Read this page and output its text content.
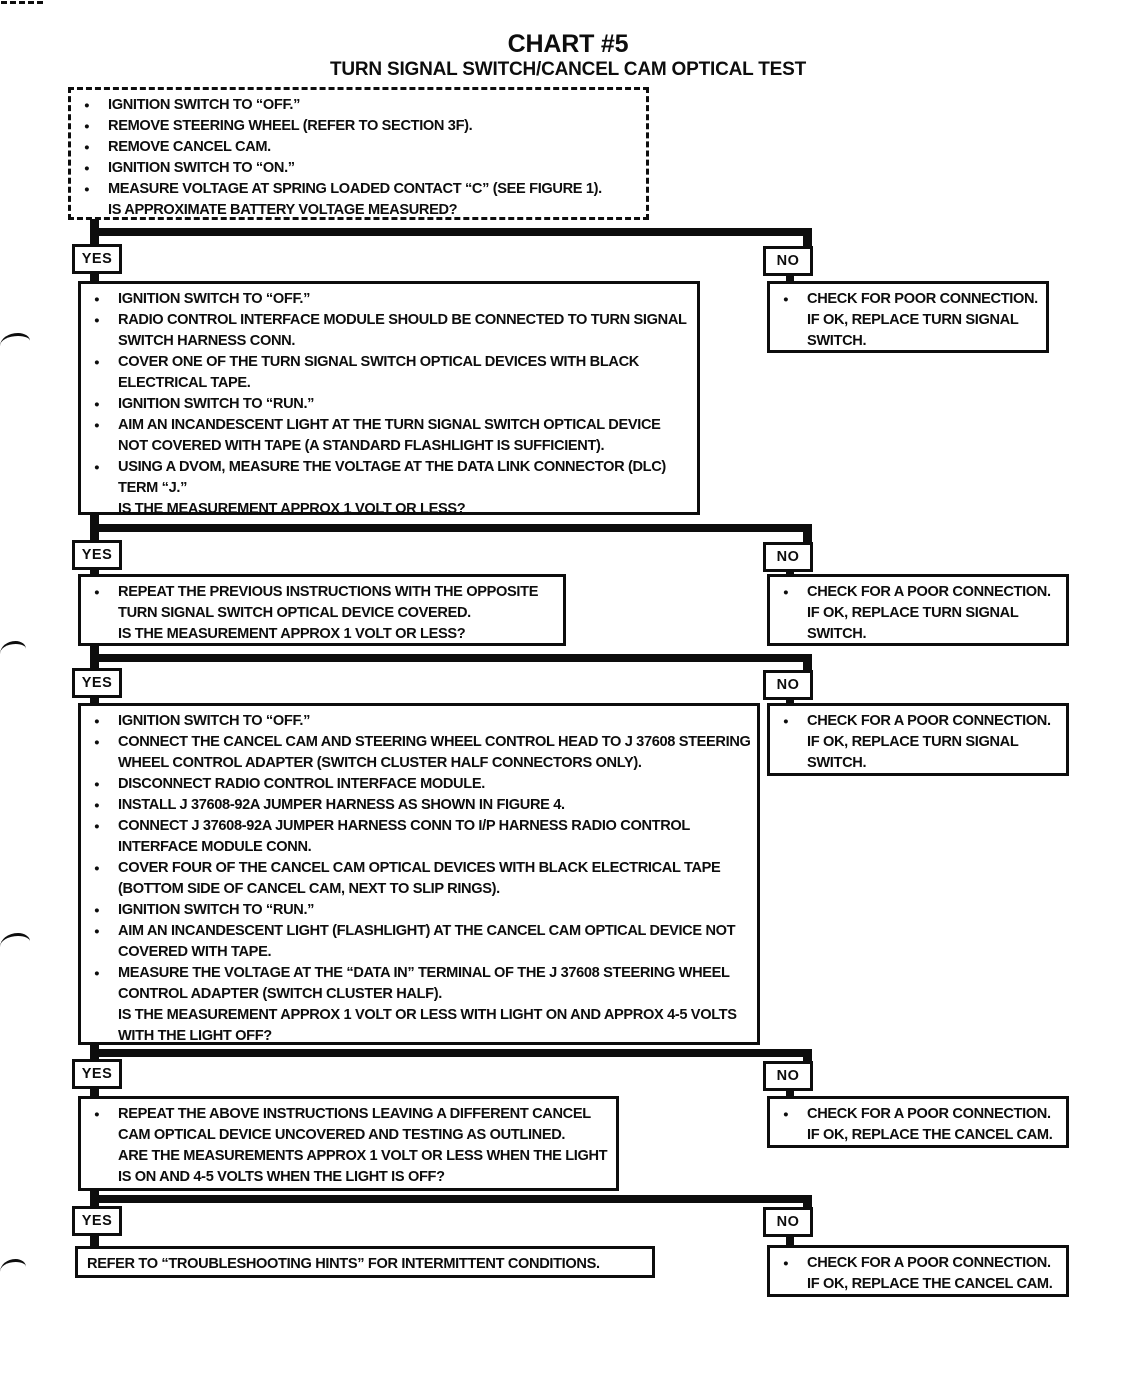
CHART #5
TURN SIGNAL SWITCH/CANCEL CAM OPTICAL TEST
●	IGNITION SWITCH TO “OFF.”
●	REMOVE STEERING WHEEL (REFER TO SECTION 3F).
●	REMOVE CANCEL CAM.
●	IGNITION SWITCH TO “ON.”
●	MEASURE VOLTAGE AT SPRING LOADED CONTACT “C” (SEE FIGURE 1).
IS APPROXIMATE BATTERY VOLTAGE MEASURED?
YES	NO
●	CHECK FOR POOR CONNECTION. IF OK, REPLACE TURN SIGNAL SWITCH.
●	IGNITION SWITCH TO “OFF.”
●	RADIO CONTROL INTERFACE MODULE SHOULD BE CONNECTED TO TURN SIGNAL SWITCH HARNESS CONN.
●	COVER ONE OF THE TURN SIGNAL SWITCH OPTICAL DEVICES WITH BLACK ELECTRICAL TAPE.
●	IGNITION SWITCH TO “RUN.”
●	AIM AN INCANDESCENT LIGHT AT THE TURN SIGNAL SWITCH OPTICAL DEVICE NOT COVERED WITH TAPE (A STANDARD FLASHLIGHT IS SUFFICIENT).
●	USING A DVOM, MEASURE THE VOLTAGE AT THE DATA LINK CONNECTOR (DLC) TERM “J.”
IS THE MEASUREMENT APPROX 1 VOLT OR LESS?
YES	NO
●	CHECK FOR A POOR CONNECTION. IF OK, REPLACE TURN SIGNAL SWITCH.
●	REPEAT THE PREVIOUS INSTRUCTIONS WITH THE OPPOSITE TURN SIGNAL SWITCH OPTICAL DEVICE COVERED.
IS THE MEASUREMENT APPROX 1 VOLT OR LESS?
YES	NO
●	CHECK FOR A POOR CONNECTION. IF OK, REPLACE TURN SIGNAL SWITCH.
●	IGNITION SWITCH TO “OFF.”
●	CONNECT THE CANCEL CAM AND STEERING WHEEL CONTROL HEAD TO J 37608 STEERING WHEEL CONTROL ADAPTER (SWITCH CLUSTER HALF CONNECTORS ONLY).
●	DISCONNECT RADIO CONTROL INTERFACE MODULE.
●	INSTALL J 37608-92A JUMPER HARNESS AS SHOWN IN FIGURE 4.
●	CONNECT J 37608-92A JUMPER HARNESS CONN TO I/P HARNESS RADIO CONTROL INTERFACE MODULE CONN.
●	COVER FOUR OF THE CANCEL CAM OPTICAL DEVICES WITH BLACK ELECTRICAL TAPE (BOTTOM SIDE OF CANCEL CAM, NEXT TO SLIP RINGS).
●	IGNITION SWITCH TO “RUN.”
●	AIM AN INCANDESCENT LIGHT (FLASHLIGHT) AT THE CANCEL CAM OPTICAL DEVICE NOT COVERED WITH TAPE.
●	MEASURE THE VOLTAGE AT THE “DATA IN” TERMINAL OF THE J 37608 STEERING WHEEL CONTROL ADAPTER (SWITCH CLUSTER HALF).
IS THE MEASUREMENT APPROX 1 VOLT OR LESS WITH LIGHT ON AND APPROX 4-5 VOLTS WITH THE LIGHT OFF?
YES	NO
●	CHECK FOR A POOR CONNECTION. IF OK, REPLACE THE CANCEL CAM.
●	REPEAT THE ABOVE INSTRUCTIONS LEAVING A DIFFERENT CANCEL CAM OPTICAL DEVICE UNCOVERED AND TESTING AS OUTLINED.
ARE THE MEASUREMENTS APPROX 1 VOLT OR LESS WHEN THE LIGHT IS ON AND 4-5 VOLTS WHEN THE LIGHT IS OFF?
YES	NO
●	CHECK FOR A POOR CONNECTION. IF OK, REPLACE THE CANCEL CAM.
REFER TO “TROUBLESHOOTING HINTS” FOR INTERMITTENT CONDITIONS.
